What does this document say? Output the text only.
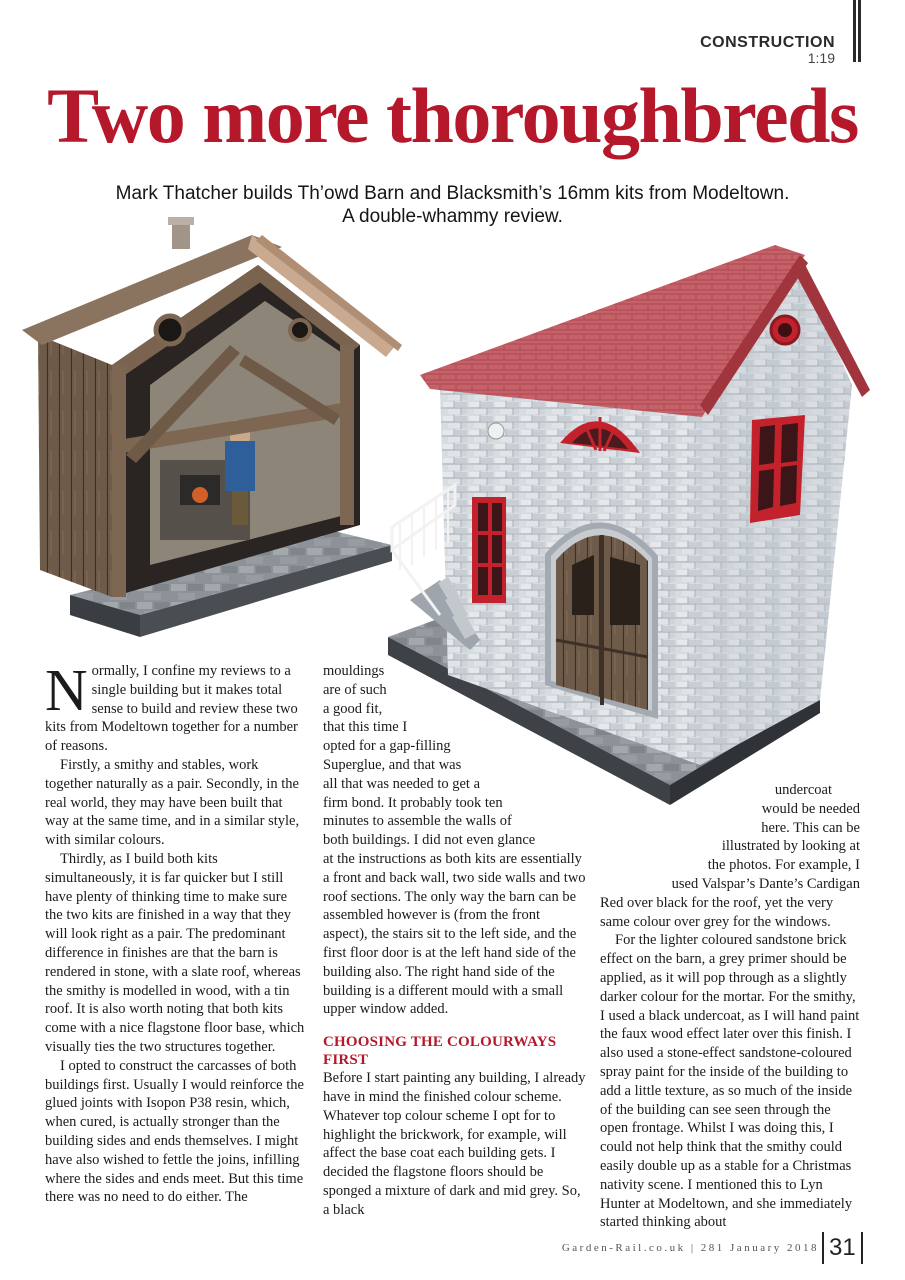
CONSTRUCTION
1:19
Two more thoroughbreds
Mark Thatcher builds Th’owd Barn and Blacksmith’s 16mm kits from Modeltown.
A double-whammy review.

Normally, I confine my reviews to a single building but it makes total sense to build and review these two kits from Modeltown together for a number of reasons.

Firstly, a smithy and stables, work together naturally as a pair. Secondly, in the real world, they may have been built that way at the same time, and in a similar style, with similar colours.

Thirdly, as I build both kits simultaneously, it is far quicker but I still have plenty of thinking time to make sure the two kits are finished in a way that they will look right as a pair. The predominant difference in finishes are that the barn is rendered in stone, with a slate roof, whereas the smithy is modelled in wood, with a tin roof. It is also worth noting that both kits come with a nice flagstone floor base, which visually ties the two structures together.

I opted to construct the carcasses of both buildings first. Usually I would reinforce the glued joints with Isopon P38 resin, which, when cured, is actually stronger than the building sides and ends themselves. I might have also wished to fettle the joins, infilling where the sides and ends meet. But this time there was no need to do either. The

mouldings
are of such
a good fit,
that this time I
opted for a gap-filling
Superglue, and that was
all that was needed to get a
firm bond. It probably took ten
minutes to assemble the walls of
both buildings. I did not even glance
at the instructions as both kits are essentially a front and back wall, two side walls and two roof sections. The only way the barn can be assembled however is (from the front aspect), the stairs sit to the left side, and the first floor door is at the left hand side of the building also. The right hand side of the building is a different mould with a small upper window added.

CHOOSING THE COLOURWAYS FIRST

Before I start painting any building, I already have in mind the finished colour scheme. Whatever top colour scheme I opt for to highlight the brickwork, for example, will affect the base coat each building gets. I decided the flagstone floors should be sponged a mixture of dark and mid grey. So, a black

undercoat
would be needed
here. This can be
illustrated by looking at
the photos. For example, I
used Valspar’s Dante’s Cardigan

Red over black for the roof, yet the very same colour over grey for the windows.

For the lighter coloured sandstone brick effect on the barn, a grey primer should be applied, as it will pop through as a slightly darker colour for the mortar. For the smithy, I used a black undercoat, as I will hand paint the faux wood effect later over this finish. I also used a stone-effect sandstone-coloured spray paint for the inside of the building to add a little texture, as so much of the inside of the building can see seen through the open frontage. Whilst I was doing this, I could not help think that the smithy could easily double up as a stable for a Christmas nativity scene. I mentioned this to Lyn Hunter at Modeltown, and she immediately started thinking about

Garden-Rail.co.uk | 281 January 2018 31
